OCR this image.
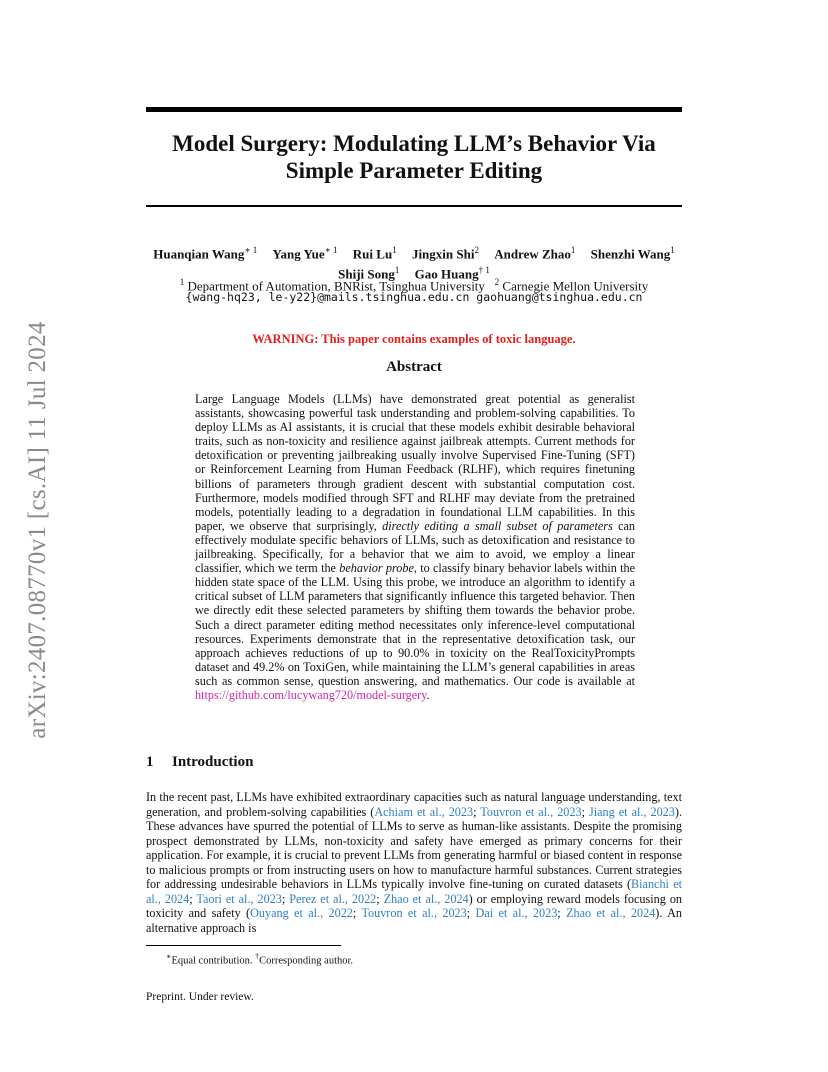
arXiv:2407.08770v1 [cs.AI] 11 Jul 2024
Model Surgery: Modulating LLM’s Behavior Via
Simple Parameter Editing
Huanqian Wang$^{∗ 1}$ Yang Yue$^{∗ 1}$ Rui Lu$^1$ Jingxin Shi$^2$ Andrew Zhao$^1$ Shenzhi Wang$^1$
Shiji Song$^1$ Gao Huang$^{\dagger 1}$
$^1$ Department of Automation, BNRist, Tsinghua University $^2$ Carnegie Mellon University
{wang-hq23, le-y22}@mails.tsinghua.edu.cn gaohuang@tsinghua.edu.cn
WARNING: This paper contains examples of toxic language.
Abstract
Large Language Models (LLMs) have demonstrated great potential as generalist assistants, showcasing powerful task understanding and problem-solving capabilities. To deploy LLMs as AI assistants, it is crucial that these models exhibit desirable behavioral traits, such as non-toxicity and resilience against jailbreak attempts. Current methods for detoxification or preventing jailbreaking usually involve Supervised Fine-Tuning (SFT) or Reinforcement Learning from Human Feedback (RLHF), which requires finetuning billions of parameters through gradient descent with substantial computation cost. Furthermore, models modified through SFT and RLHF may deviate from the pretrained models, potentially leading to a degradation in foundational LLM capabilities. In this paper, we observe that surprisingly, directly editing a small subset of parameters can effectively modulate specific behaviors of LLMs, such as detoxification and resistance to jailbreaking. Specifically, for a behavior that we aim to avoid, we employ a linear classifier, which we term the behavior probe, to classify binary behavior labels within the hidden state space of the LLM. Using this probe, we introduce an algorithm to identify a critical subset of LLM parameters that significantly influence this targeted behavior. Then we directly edit these selected parameters by shifting them towards the behavior probe. Such a direct parameter editing method necessitates only inference-level computational resources. Experiments demonstrate that in the representative detoxification task, our approach achieves reductions of up to 90.0% in toxicity on the RealToxicityPrompts dataset and 49.2% on ToxiGen, while maintaining the LLM’s general capabilities in areas such as common sense, question answering, and mathematics. Our code is available at https://github.com/lucywang720/model-surgery.
1 Introduction
In the recent past, LLMs have exhibited extraordinary capacities such as natural language understanding, text generation, and problem-solving capabilities (Achiam et al., 2023; Touvron et al., 2023; Jiang et al., 2023). These advances have spurred the potential of LLMs to serve as human-like assistants. Despite the promising prospect demonstrated by LLMs, non-toxicity and safety have emerged as primary concerns for their application. For example, it is crucial to prevent LLMs from generating harmful or biased content in response to malicious prompts or from instructing users on how to manufacture harmful substances. Current strategies for addressing undesirable behaviors in LLMs typically involve fine-tuning on curated datasets (Bianchi et al., 2024; Taori et al., 2023; Perez et al., 2022; Zhao et al., 2024) or employing reward models focusing on toxicity and safety (Ouyang et al., 2022; Touvron et al., 2023; Dai et al., 2023; Zhao et al., 2024). An alternative approach is
∗Equal contribution. †Corresponding author.
Preprint. Under review.
